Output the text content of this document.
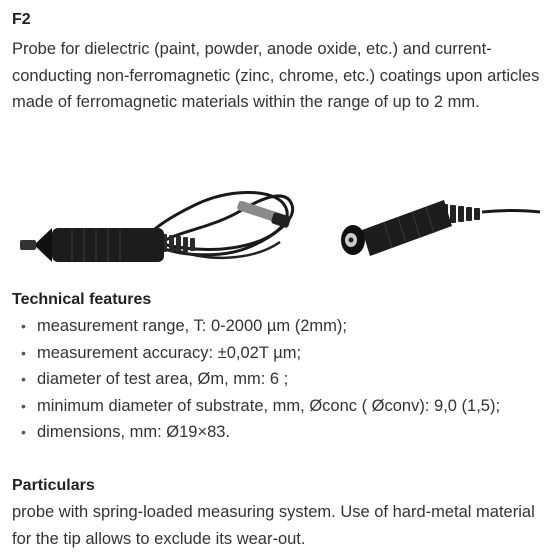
F2
Probe for dielectric (paint, powder, anode oxide, etc.) and current-conducting non-ferromagnetic (zinc, chrome, etc.) coatings upon articles made of ferromagnetic materials within the range of up to 2 mm.
Technical features
• measurement range, T: 0-2000 µm (2mm);
• measurement accuracy: ±0,02T µm;
• diameter of test area, Øm, mm: 6 ;
• minimum diameter of substrate, mm, Øconc ( Øconv): 9,0 (1,5);
• dimensions, mm: Ø19×83.
Particulars
probe with spring-loaded measuring system. Use of hard-metal material for the tip allows to exclude its wear-out.
